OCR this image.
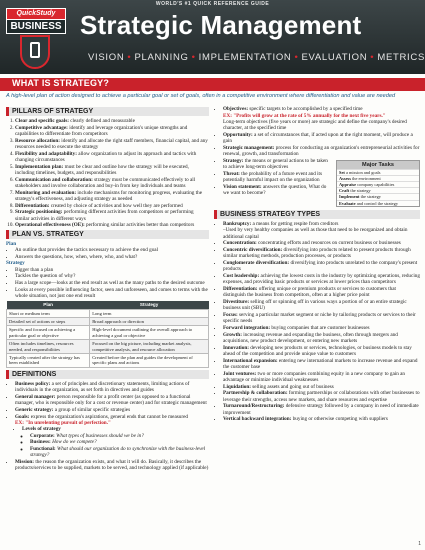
WORLD'S #1 QUICK REFERENCE GUIDE
QuickStudy
BUSINESS Strategic Management
VISION • PLANNING • IMPLEMENTATION • EVALUATION • METRICS
WHAT IS STRATEGY?
A high-level plan of action designed to achieve a particular goal or set of goals, often in a competitive environment where differentiation and value are needed
PILLARS OF STRATEGY
1. Clear and specific goals: clearly defined and measurable
2. Competitive advantage: identify and leverage organization's unique strengths and capabilities to differentiate from competitors
3. Resource allocation: identify and allocate the right staff members, financial capital, and any resources needed to execute the strategy
4. Flexibility and adaptability: allow organization to adjust its approach and tactics with changing circumstances
5. Implementation plan: must be clear and outline how the strategy will be executed, including timelines, budgets, and responsibilities
6. Communication and collaboration: strategy must be communicated effectively to all stakeholders and involve collaboration and buy-in from key individuals and teams
7. Monitoring and evaluation: include mechanisms for monitoring progress, evaluating the strategy's effectiveness, and adjusting strategy as needed
8. Differentiation: created by choice of activities and how well they are performed
9. Strategic positioning: performing different activities from competitors or performing similar activities in different ways
10. Operational effectiveness (OE): performing similar activities better than competitors
PLAN VS. STRATEGY
Plan
• An outline that provides the tactics necessary to achieve the end goal
• Answers the questions, how, when, where, who, and what?
Strategy
• Bigger than a plan
• Tackles the question of why?
• Has a large scope—looks at the end result as well as the many paths to the desired outcome
• Looks at every possible influencing factor, seen and unforeseen, and comes to terms with the whole situation, not just one end result
Plan	Strategy
Short or medium term	Long term
Detailed set of actions or steps	Broad approach or direction
Specific and focused on achieving a particular goal or objective	High-level document outlining the overall approach to achieving a goal or objective
Often includes timelines, resources needed, and responsibilities	Focused on the big picture, including market analysis, competitive analysis, and resource allocation
Typically created after the strategy has been established	Created before the plan and guides the development of specific plans and actions
DEFINITIONS
• Business policy: a set of principles and discretionary statements, limiting actions of individuals in the organization, as set forth in directives and guides
• General manager: person responsible for a profit center (as opposed to a functional manager, who is responsible only for a cost or revenue center) and for strategic management
• Generic strategy: a group of similar specific strategies
• Goals: express the organization's aspirations, general ends that cannot be measured
EX: "In unrelenting pursuit of perfection."
• Levels of strategy
◦ Corporate: What types of businesses should we be in?
◦ Business: How do we compete?
◦ Functional: What should our organization do to synchronize with the business-level strategy?
• Mission: the reason the organization exists, and what it will do. Basically, it describes the products/services to be supplied, markets to be served, and technology applied (if applicable)
• Objectives: specific targets to be accomplished by a specified time
EX: "Profits will grow at the rate of 5% annually for the next five years."
Long-term objectives (five years or more) are strategic and define the company's desired character, at the specified time
• Opportunity: a set of circumstances that, if acted upon at the right moment, will produce a gain
• Strategic management: process for conducting an organization's entrepreneurial activities for renewal, growth, and transformation
Major Tasks
Set a mission and goals
Assess the environment
Appraise company capabilities
Craft the strategy
Implement the strategy
Evaluate and control the strategy
• Strategy: the means or general actions to be taken to achieve long-term objectives
• Threat: the probability of a future event and its potentially harmful impact on the organization
• Vision statement: answers the question, What do we want to become?
BUSINESS STRATEGY TYPES
• Bankruptcy: a means for getting respite from creditors
–Used by very healthy companies as well as those that need to be reorganized and obtain additional capital
• Concentration: concentrating efforts and resources on current business or businesses
• Concentric diversification: diversifying into products related to present products through similar marketing methods, production processes, or products
• Conglomerate diversification: diversifying into products unrelated to the company's present products
• Cost leadership: achieving the lowest costs in the industry by optimizing operations, reducing expenses, and providing basic products or services at lower prices than competitors
• Differentiation: offering unique or premium products or services to customers that distinguish the business from competitors, often at a higher price point
• Divestiture: selling off or spinning off in various ways a portion of or an entire strategic business unit (SBU)
• Focus: serving a particular market segment or niche by tailoring products or services to their specific needs
• Forward integration: buying companies that are customer businesses
• Growth: increasing revenue and expanding the business, often through mergers and acquisitions, new product development, or entering new markets
• Innovation: developing new products or services, technologies, or business models to stay ahead of the competition and provide unique value to customers
• International expansion: entering new international markets to increase revenue and expand the customer base
• Joint ventures: two or more companies combining equity in a new company to gain an advantage or minimize individual weaknesses
• Liquidation: selling assets and going out of business
• Partnership & collaboration: forming partnerships or collaborations with other businesses to leverage their strengths, access new markets, and share resources and expertise
• Turnaround/Restructuring: defensive strategy followed by a company in need of immediate improvement
• Vertical backward integration: buying or otherwise competing with suppliers
1
